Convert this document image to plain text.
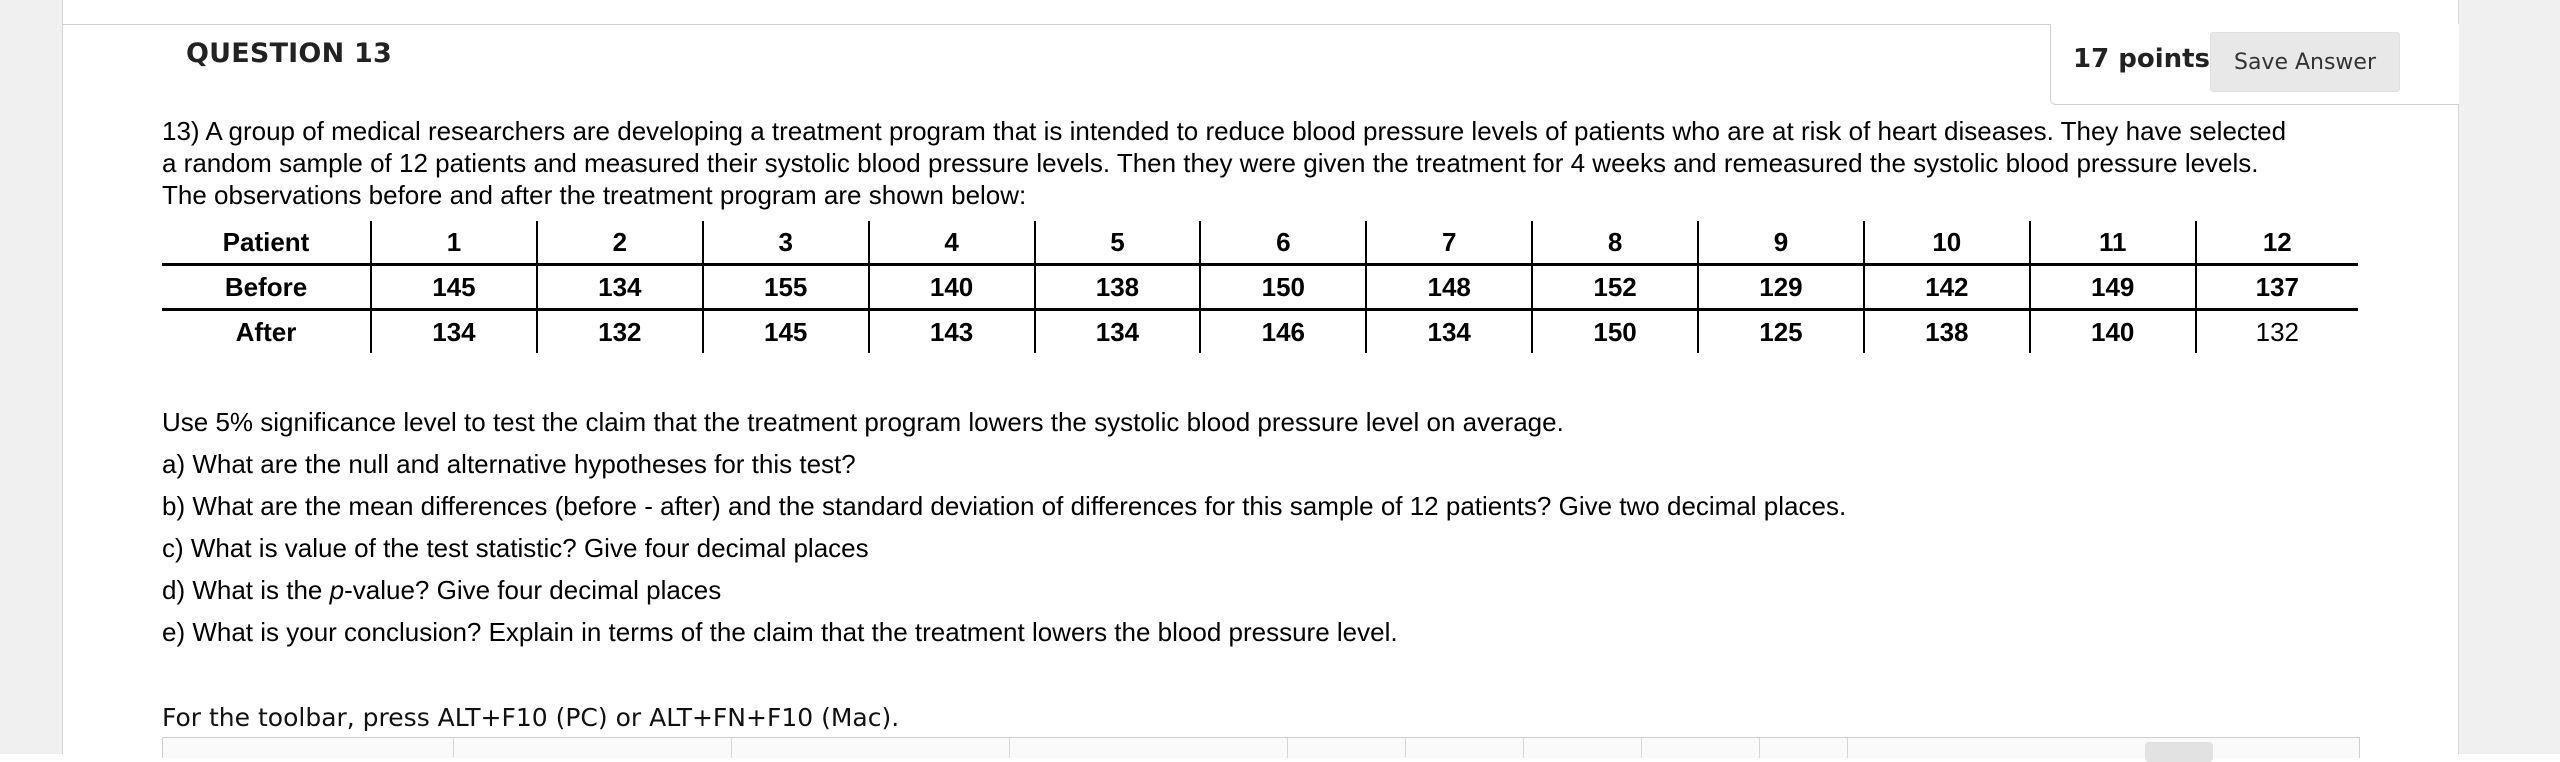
QUESTION 13	17 points	Save Answer

13) A group of medical researchers are developing a treatment program that is intended to reduce blood pressure levels of patients who are at risk of heart diseases. They have selected

a random sample of 12 patients and measured their systolic blood pressure levels. Then they were given the treatment for 4 weeks and remeasured the systolic blood pressure levels.

The observations before and after the treatment program are shown below:

Patient	1	2	3	4	5	6	7	8	9	10	11	12
Before	145	134	155	140	138	150	148	152	129	142	149	137
After	134	132	145	143	134	146	134	150	125	138	140	132
Use 5% significance level to test the claim that the treatment program lowers the systolic blood pressure level on average.
a) What are the null and alternative hypotheses for this test?
b) What are the mean differences (before - after) and the standard deviation of differences for this sample of 12 patients? Give two decimal places.
c) What is value of the test statistic? Give four decimal places
d) What is the p-value? Give four decimal places
e) What is your conclusion? Explain in terms of the claim that the treatment lowers the blood pressure level.
For the toolbar, press ALT+F10 (PC) or ALT+FN+F10 (Mac).
